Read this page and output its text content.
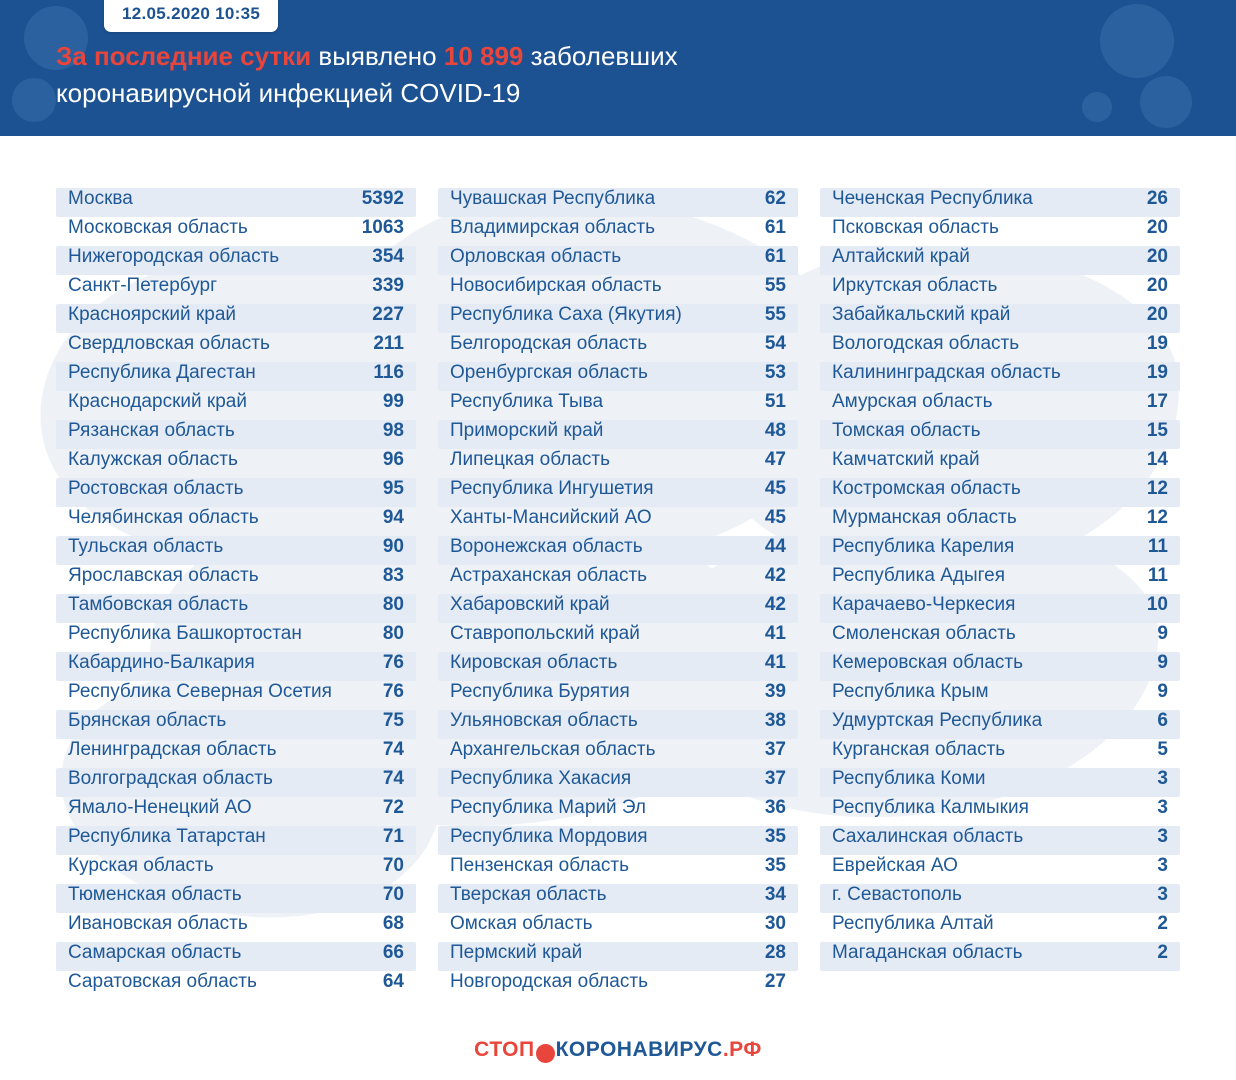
12.05.2020 10:35
За последние сутки выявлено 10 899 заболевших
коронавирусной инфекцией COVID-19
Москва	5392
Московская область	1063
Нижегородская область	354
Санкт-Петербург	339
Красноярский край	227
Свердловская область	211
Республика Дагестан	116
Краснодарский край	99
Рязанская область	98
Калужская область	96
Ростовская область	95
Челябинская область	94
Тульская область	90
Ярославская область	83
Тамбовская область	80
Республика Башкортостан	80
Кабардино-Балкария	76
Республика Северная Осетия	76
Брянская область	75
Ленинградская область	74
Волгоградская область	74
Ямало-Ненецкий АО	72
Республика Татарстан	71
Курская область	70
Тюменская область	70
Ивановская область	68
Самарская область	66
Саратовская область	64
Чувашская Республика	62
Владимирская область	61
Орловская область	61
Новосибирская область	55
Республика Саха (Якутия)	55
Белгородская область	54
Оренбургская область	53
Республика Тыва	51
Приморский край	48
Липецкая область	47
Республика Ингушетия	45
Ханты-Мансийский АО	45
Воронежская область	44
Астраханская область	42
Хабаровский край	42
Ставропольский край	41
Кировская область	41
Республика Бурятия	39
Ульяновская область	38
Архангельская область	37
Республика Хакасия	37
Республика Марий Эл	36
Республика Мордовия	35
Пензенская область	35
Тверская область	34
Омская область	30
Пермский край	28
Новгородская область	27
Чеченская Республика	26
Псковская область	20
Алтайский край	20
Иркутская область	20
Забайкальский край	20
Вологодская область	19
Калининградская область	19
Амурская область	17
Томская область	15
Камчатский край	14
Костромская область	12
Мурманская область	12
Республика Карелия	11
Республика Адыгея	11
Карачаево-Черкесия	10
Смоленская область	9
Кемеровская область	9
Республика Крым	9
Удмуртская Республика	6
Курганская область	5
Республика Коми	3
Республика Калмыкия	3
Сахалинская область	3
Еврейская АО	3
г. Севастополь	3
Республика Алтай	2
Магаданская область	2
СТОП КОРОНАВИРУС .РФ
